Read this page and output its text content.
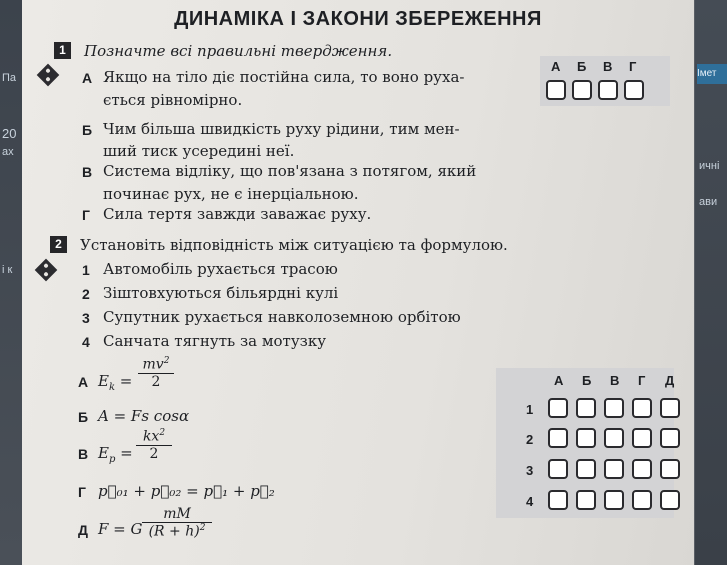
Па
20
ах
і к
Імет
ичні
ави
ДИНАМІКА І ЗАКОНИ ЗБЕРЕЖЕННЯ
1	Позначте всі правильні твердження.
А Якщо на тіло діє постійна сила, то воно руха-
ється рівномірно.
Б Чим більша швидкість руху рідини, тим мен-
ший тиск усередині неї.
В Система відліку, що пов'язана з потягом, який
починає рух, не є інерціальною.
Г Сила тертя завжди заважає руху.
А Б В Г
2	Установіть відповідність між ситуацією та формулою.
1 Автомобіль рухається трасою
2 Зіштовхуються більярдні кулі
3 Супутник рухається навколоземною орбітою
4 Санчата тягнуть за мотузку
А $E_k = \frac{mv^2}{2}$
Б A = Fs cosα
В $E_p = \frac{kx^2}{2}$
Г p⃗₀₁ + p⃗₀₂ = p⃗₁ + p⃗₂
Д F = G $\frac{mM}{(R + h)^2}$
А Б В Г Д
1
2
3
4
